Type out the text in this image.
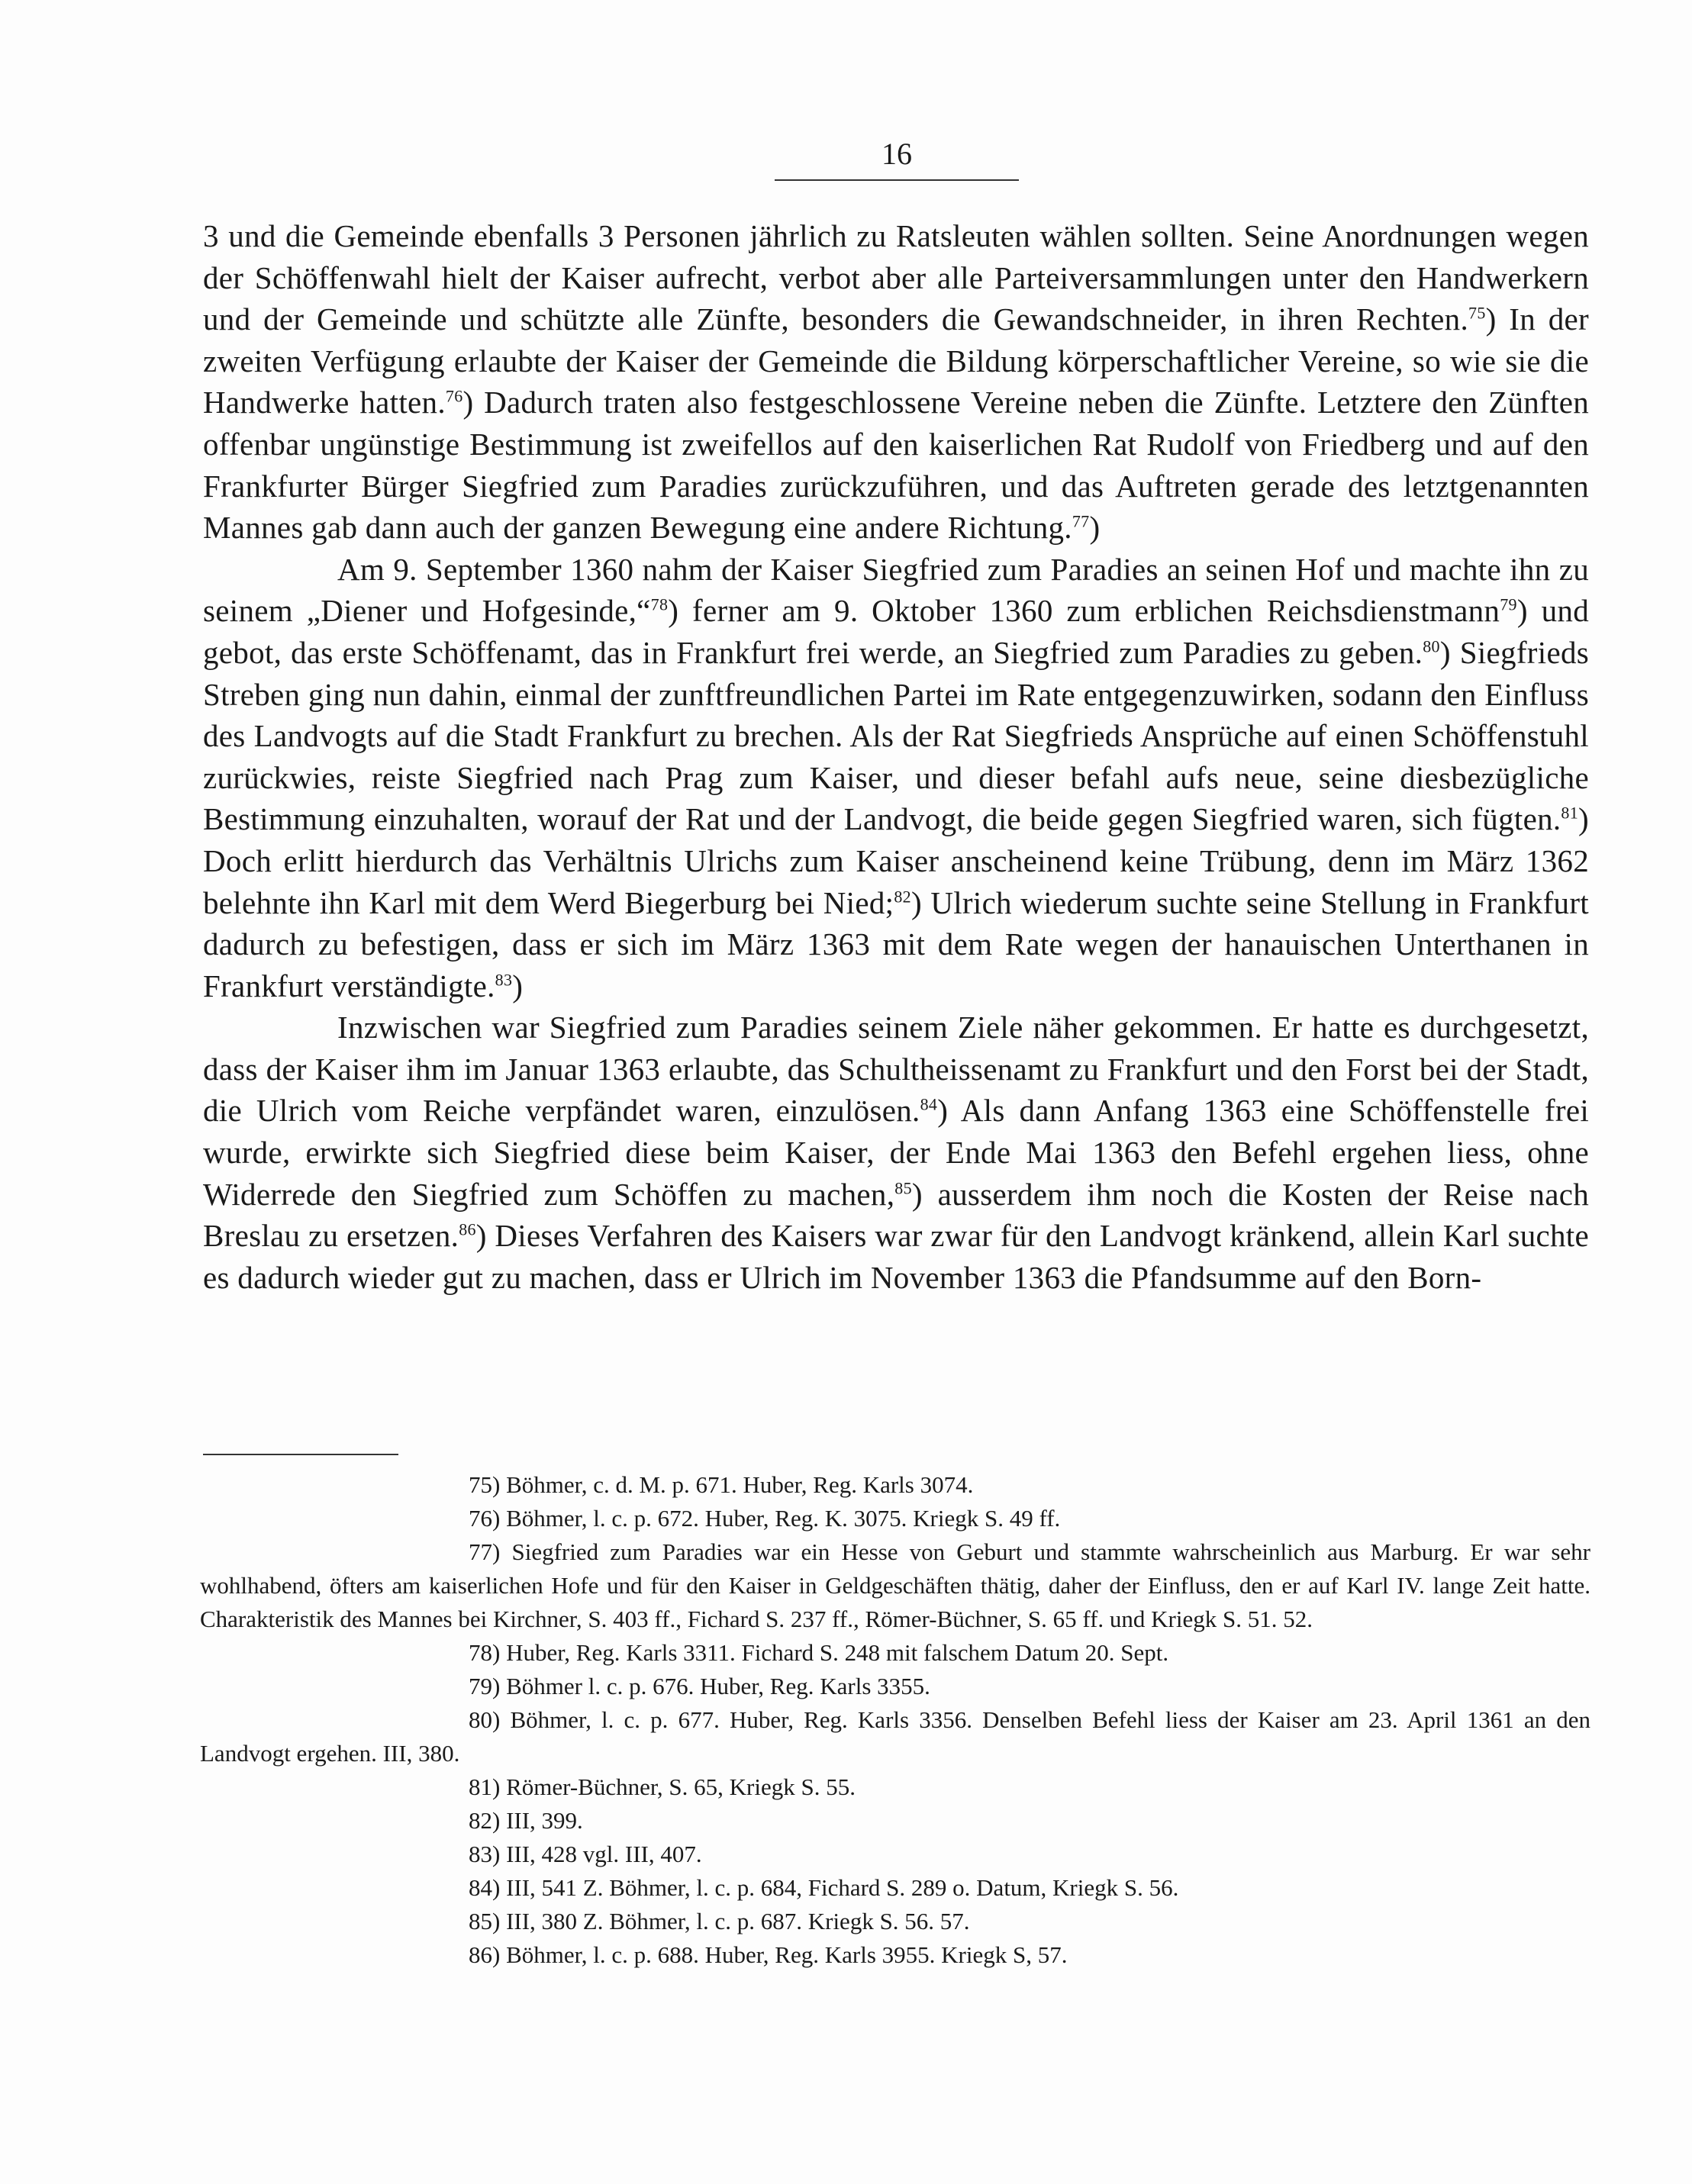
16

3 und die Gemeinde ebenfalls 3 Personen jährlich zu Ratsleuten wählen sollten. Seine Anordnungen wegen der Schöffenwahl hielt der Kaiser aufrecht, verbot aber alle Parteiversammlungen unter den Handwerkern und der Gemeinde und schützte alle Zünfte, besonders die Gewandschneider, in ihren Rechten.$^{75}$) In der zweiten Verfügung erlaubte der Kaiser der Gemeinde die Bildung körperschaftlicher Vereine, so wie sie die Handwerke hatten.$^{76}$) Dadurch traten also festgeschlossene Vereine neben die Zünfte. Letztere den Zünften offenbar ungünstige Bestimmung ist zweifellos auf den kaiserlichen Rat Rudolf von Friedberg und auf den Frankfurter Bürger Siegfried zum Paradies zurückzuführen, und das Auftreten gerade des letztgenannten Mannes gab dann auch der ganzen Bewegung eine andere Richtung.$^{77}$)

Am 9. September 1360 nahm der Kaiser Siegfried zum Paradies an seinen Hof und machte ihn zu seinem „Diener und Hofgesinde,“$^{78}$) ferner am 9. Oktober 1360 zum erblichen Reichsdienstmann$^{79}$) und gebot, das erste Schöffenamt, das in Frankfurt frei werde, an Siegfried zum Paradies zu geben.$^{80}$) Siegfrieds Streben ging nun dahin, einmal der zunftfreundlichen Partei im Rate entgegenzuwirken, sodann den Einfluss des Landvogts auf die Stadt Frankfurt zu brechen. Als der Rat Siegfrieds Ansprüche auf einen Schöffenstuhl zurückwies, reiste Siegfried nach Prag zum Kaiser, und dieser befahl aufs neue, seine diesbezügliche Bestimmung einzuhalten, worauf der Rat und der Landvogt, die beide gegen Siegfried waren, sich fügten.$^{81}$) Doch erlitt hierdurch das Verhältnis Ulrichs zum Kaiser anscheinend keine Trübung, denn im März 1362 belehnte ihn Karl mit dem Werd Biegerburg bei Nied;$^{82}$) Ulrich wiederum suchte seine Stellung in Frankfurt dadurch zu befestigen, dass er sich im März 1363 mit dem Rate wegen der hanauischen Unterthanen in Frankfurt verständigte.$^{83}$)

Inzwischen war Siegfried zum Paradies seinem Ziele näher gekommen. Er hatte es durchgesetzt, dass der Kaiser ihm im Januar 1363 erlaubte, das Schultheissenamt zu Frankfurt und den Forst bei der Stadt, die Ulrich vom Reiche verpfändet waren, einzulösen.$^{84}$) Als dann Anfang 1363 eine Schöffenstelle frei wurde, erwirkte sich Siegfried diese beim Kaiser, der Ende Mai 1363 den Befehl ergehen liess, ohne Widerrede den Siegfried zum Schöffen zu machen,$^{85}$) ausserdem ihm noch die Kosten der Reise nach Breslau zu ersetzen.$^{86}$) Dieses Verfahren des Kaisers war zwar für den Landvogt kränkend, allein Karl suchte es dadurch wieder gut zu machen, dass er Ulrich im November 1363 die Pfandsumme auf den Born-

75) Böhmer, c. d. M. p. 671. Huber, Reg. Karls 3074.

76) Böhmer, l. c. p. 672. Huber, Reg. K. 3075. Kriegk S. 49 ff.

77) Siegfried zum Paradies war ein Hesse von Geburt und stammte wahrscheinlich aus Marburg. Er war sehr wohlhabend, öfters am kaiserlichen Hofe und für den Kaiser in Geldgeschäften thätig, daher der Einfluss, den er auf Karl IV. lange Zeit hatte. Charakteristik des Mannes bei Kirchner, S. 403 ff., Fichard S. 237 ff., Römer-Büchner, S. 65 ff. und Kriegk S. 51. 52.

78) Huber, Reg. Karls 3311. Fichard S. 248 mit falschem Datum 20. Sept.

79) Böhmer l. c. p. 676. Huber, Reg. Karls 3355.

80) Böhmer, l. c. p. 677. Huber, Reg. Karls 3356. Denselben Befehl liess der Kaiser am 23. April 1361 an den Landvogt ergehen. III, 380.

81) Römer-Büchner, S. 65, Kriegk S. 55.

82) III, 399.

83) III, 428 vgl. III, 407.

84) III, 541 Z. Böhmer, l. c. p. 684, Fichard S. 289 o. Datum, Kriegk S. 56.

85) III, 380 Z. Böhmer, l. c. p. 687. Kriegk S. 56. 57.

86) Böhmer, l. c. p. 688. Huber, Reg. Karls 3955. Kriegk S, 57.
